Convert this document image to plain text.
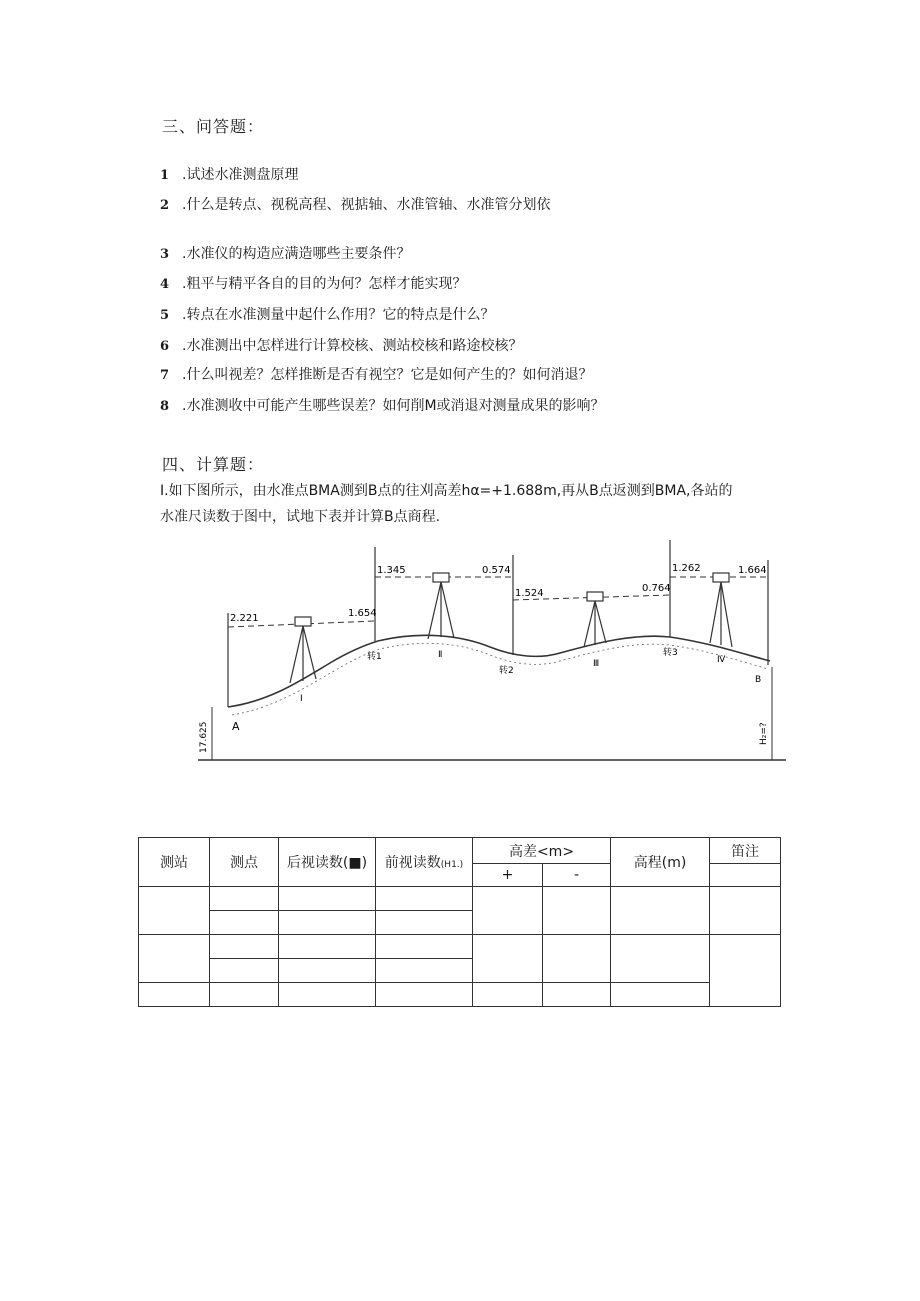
三、问答题：
1 .试述水准测盘原理
2 .什么是转点、视税高程、视掂轴、水准管轴、水准管分划依
3 .水准仪的构造应满造哪些主要条件？
4 .粗平与精平各自的目的为何？怎样才能实现？
5 .转点在水准测量中起什么作用？它的特点是什么？
6 .水准测出中怎样进行计算校核、测站校核和路途校核？
7 .什么叫视差？怎样推断是否有视空？它是如何产生的？如何消退？
8 .水准测收中可能产生哪些误差？如何削M或消退对测量成果的影响？
四、计算题：
I.如下图所示，由水准点BMA测到B点的往刈高差hα=+1.688m,再从B点返测到BMA,各站的
水准尺读数于图中，试地下表并计算B点商程.
2.221	1.654
1.345	0.574
1.524	0.764
1.262	1.664
I
Ⅱ
Ⅲ	Ⅳ
转1
转2
转3
A
B
17.625	H₂=?
测站	测点	后视读数(■)	前视读数(H1.)	高差<m>		高程(m)	笛注
				+	-		
